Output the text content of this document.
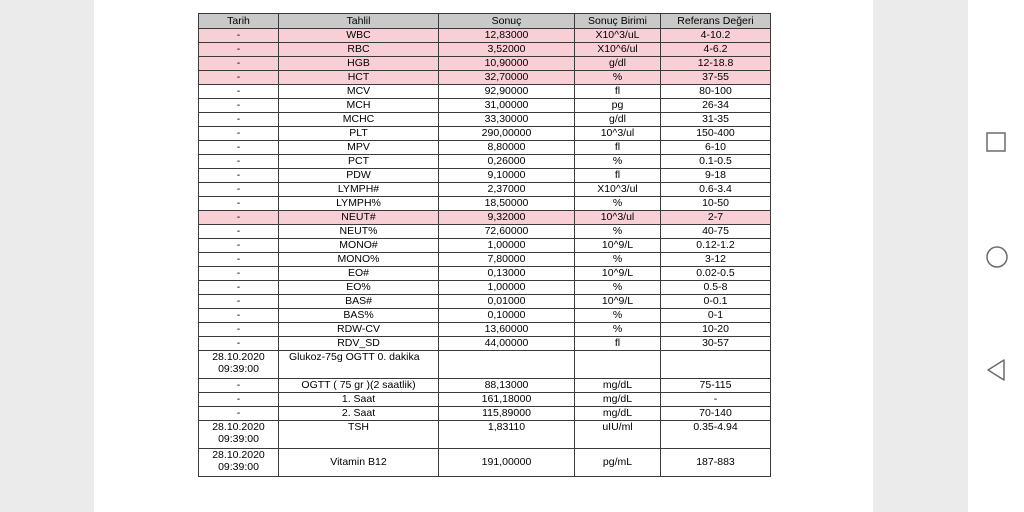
Tarih	Tahlil	Sonuç	Sonuç Birimi	Referans Değeri
-	WBC	12,83000	X10^3/uL	4-10.2
-	RBC	3,52000	X10^6/ul	4-6.2
-	HGB	10,90000	g/dl	12-18.8
-	HCT	32,70000	%	37-55
-	MCV	92,90000	fl	80-100
-	MCH	31,00000	pg	26-34
-	MCHC	33,30000	g/dl	31-35
-	PLT	290,00000	10^3/ul	150-400
-	MPV	8,80000	fl	6-10
-	PCT	0,26000	%	0.1-0.5
-	PDW	9,10000	fl	9-18
-	LYMPH#	2,37000	X10^3/ul	0.6-3.4
-	LYMPH%	18,50000	%	10-50
-	NEUT#	9,32000	10^3/ul	2-7
-	NEUT%	72,60000	%	40-75
-	MONO#	1,00000	10^9/L	0.12-1.2
-	MONO%	7,80000	%	3-12
-	EO#	0,13000	10^9/L	0.02-0.5
-	EO%	1,00000	%	0.5-8
-	BAS#	0,01000	10^9/L	0-0.1
-	BAS%	0,10000	%	0-1
-	RDW-CV	13,60000	%	10-20
-	RDV_SD	44,00000	fl	30-57
28.10.2020
09:39:00	Glukoz-75g OGTT 0. dakika			
-	OGTT ( 75 gr )(2 saatlik)	88,13000	mg/dL	75-115
-	1. Saat	161,18000	mg/dL	-
-	2. Saat	115,89000	mg/dL	70-140
28.10.2020
09:39:00	TSH	1,83110	uIU/ml	0.35-4.94
28.10.2020
09:39:00	Vitamin B12	191,00000	pg/mL	187-883
